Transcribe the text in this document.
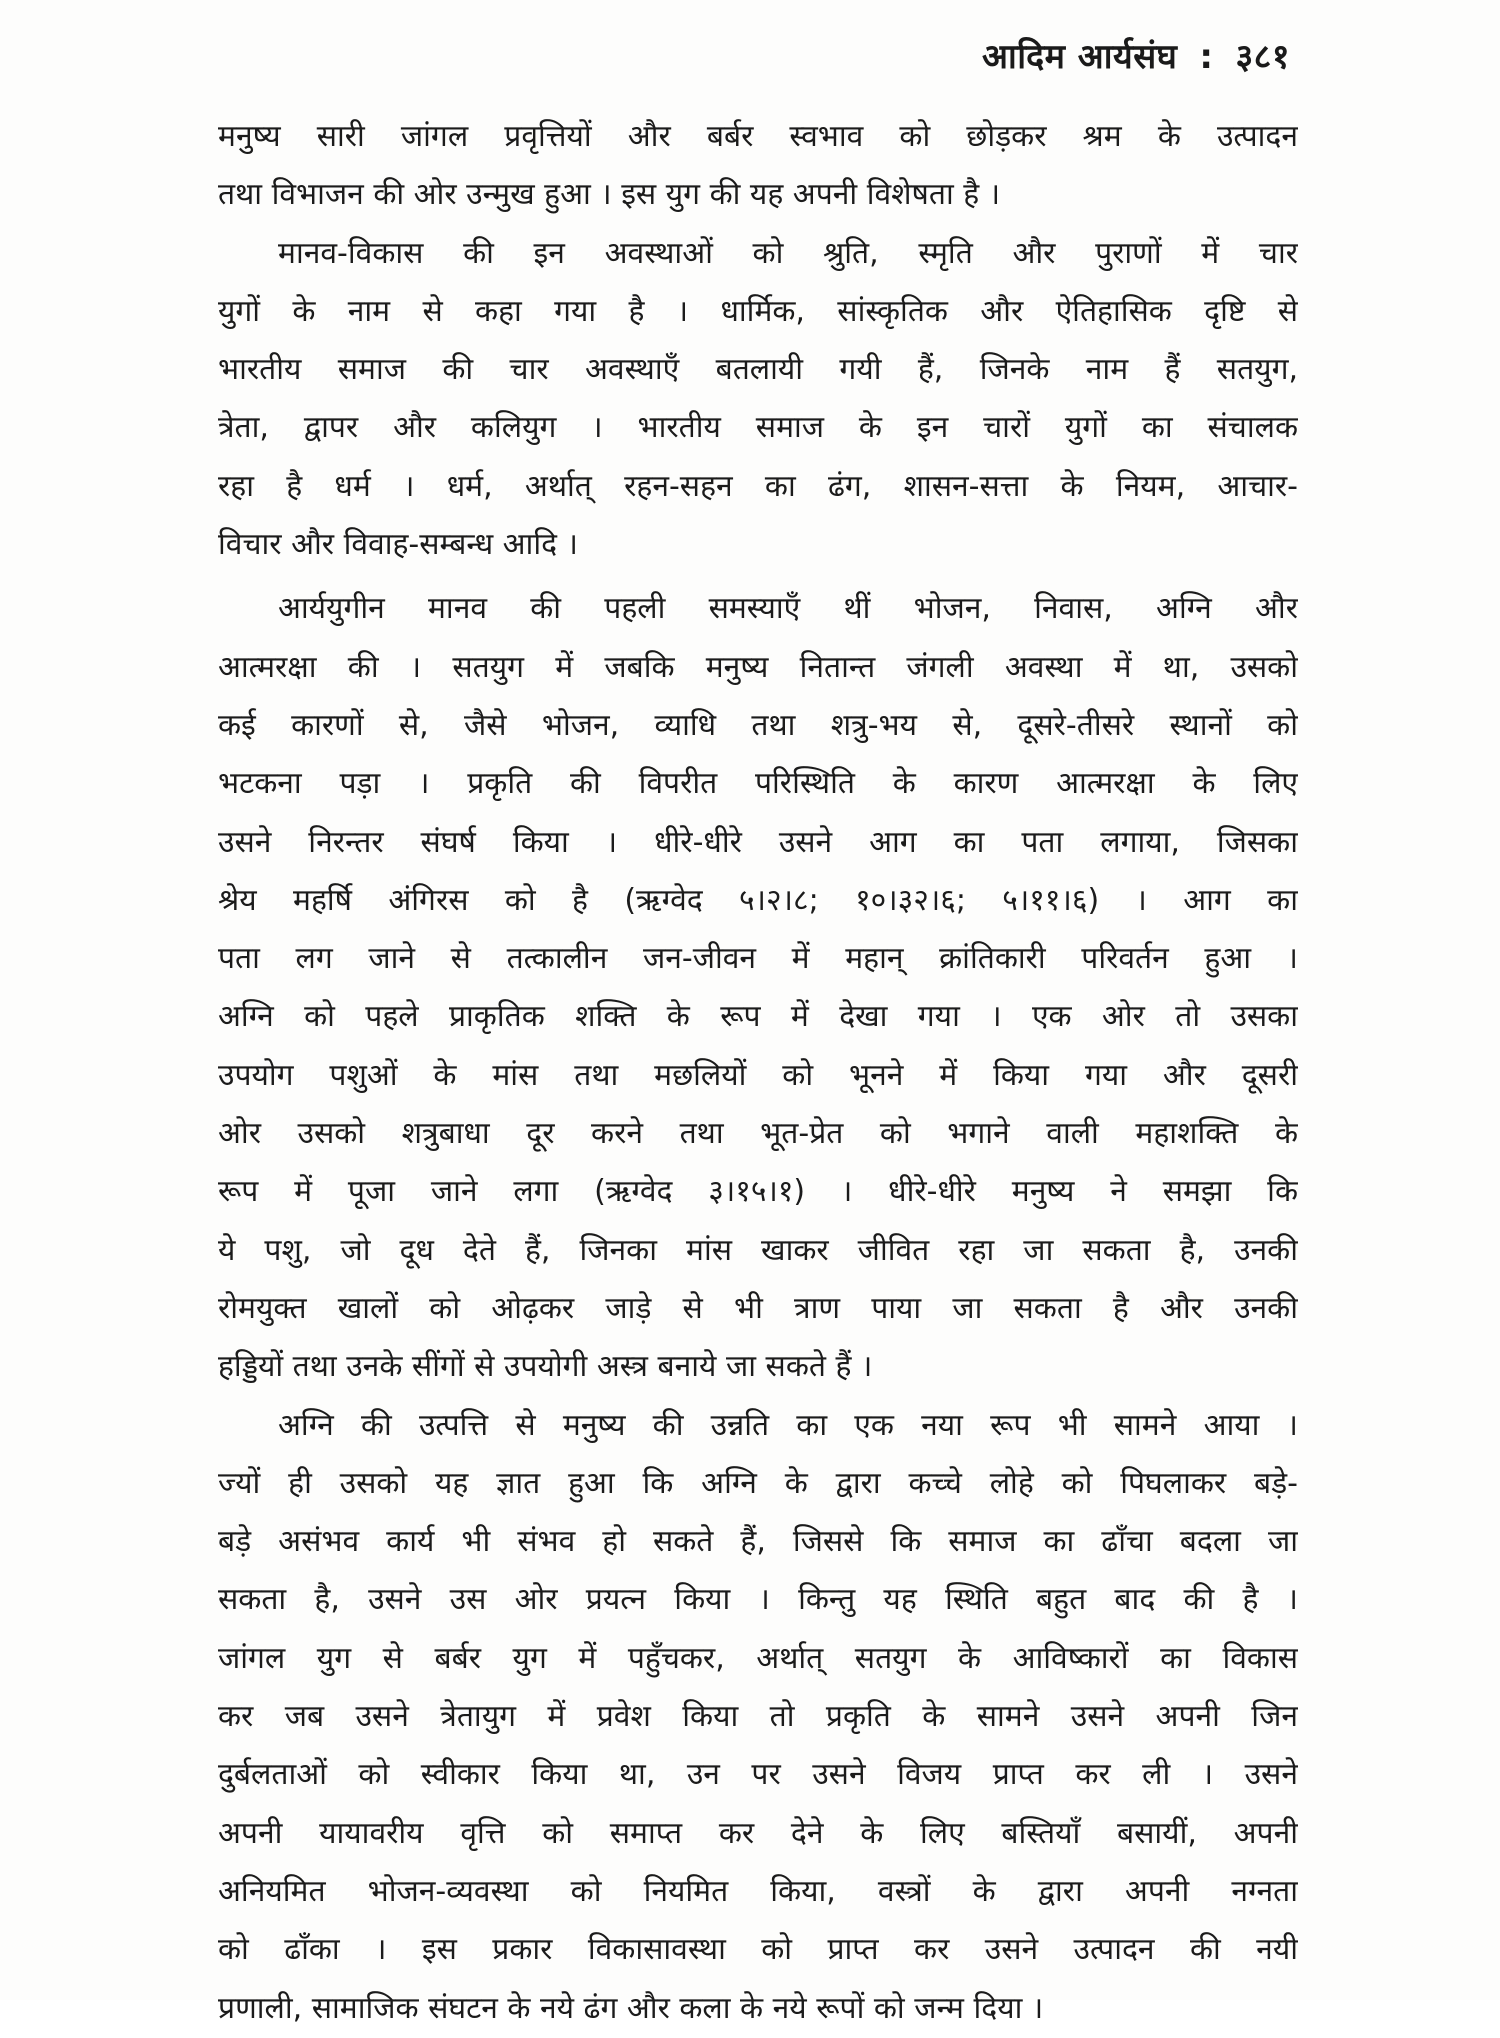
आदिम आर्यसंघ : ३८१
मनुष्य सारी जांगल प्रवृत्तियों और बर्बर स्वभाव को छोड़कर श्रम के उत्पादन
तथा विभाजन की ओर उन्मुख हुआ । इस युग की यह अपनी विशेषता है ।
मानव-विकास की इन अवस्थाओं को श्रुति, स्मृति और पुराणों में चार
युगों के नाम से कहा गया है । धार्मिक, सांस्कृतिक और ऐतिहासिक दृष्टि से
भारतीय समाज की चार अवस्थाएँ बतलायी गयी हैं, जिनके नाम हैं सतयुग,
त्रेता, द्वापर और कलियुग । भारतीय समाज के इन चारों युगों का संचालक
रहा है धर्म । धर्म, अर्थात् रहन-सहन का ढंग, शासन-सत्ता के नियम, आचार-
विचार और विवाह-सम्बन्ध आदि ।
आर्ययुगीन मानव की पहली समस्याएँ थीं भोजन, निवास, अग्नि और
आत्मरक्षा की । सतयुग में जबकि मनुष्य नितान्त जंगली अवस्था में था, उसको
कई कारणों से, जैसे भोजन, व्याधि तथा शत्रु-भय से, दूसरे-तीसरे स्थानों को
भटकना पड़ा । प्रकृति की विपरीत परिस्थिति के कारण आत्मरक्षा के लिए
उसने निरन्तर संघर्ष किया । धीरे-धीरे उसने आग का पता लगाया, जिसका
श्रेय महर्षि अंगिरस को है (ऋग्वेद ५।२।८; १०।३२।६; ५।११।६) । आग का
पता लग जाने से तत्कालीन जन-जीवन में महान् क्रांतिकारी परिवर्तन हुआ ।
अग्नि को पहले प्राकृतिक शक्ति के रूप में देखा गया । एक ओर तो उसका
उपयोग पशुओं के मांस तथा मछलियों को भूनने में किया गया और दूसरी
ओर उसको शत्रुबाधा दूर करने तथा भूत-प्रेत को भगाने वाली महाशक्ति के
रूप में पूजा जाने लगा (ऋग्वेद ३।१५।१) । धीरे-धीरे मनुष्य ने समझा कि
ये पशु, जो दूध देते हैं, जिनका मांस खाकर जीवित रहा जा सकता है, उनकी
रोमयुक्त खालों को ओढ़कर जाड़े से भी त्राण पाया जा सकता है और उनकी
हड्डियों तथा उनके सींगों से उपयोगी अस्त्र बनाये जा सकते हैं ।
अग्नि की उत्पत्ति से मनुष्य की उन्नति का एक नया रूप भी सामने आया ।
ज्यों ही उसको यह ज्ञात हुआ कि अग्नि के द्वारा कच्चे लोहे को पिघलाकर बड़े-
बड़े असंभव कार्य भी संभव हो सकते हैं, जिससे कि समाज का ढाँचा बदला जा
सकता है, उसने उस ओर प्रयत्न किया । किन्तु यह स्थिति बहुत बाद की है ।
जांगल युग से बर्बर युग में पहुँचकर, अर्थात् सतयुग के आविष्कारों का विकास
कर जब उसने त्रेतायुग में प्रवेश किया तो प्रकृति के सामने उसने अपनी जिन
दुर्बलताओं को स्वीकार किया था, उन पर उसने विजय प्राप्त कर ली । उसने
अपनी यायावरीय वृत्ति को समाप्त कर देने के लिए बस्तियाँ बसायीं, अपनी
अनियमित भोजन-व्यवस्था को नियमित किया, वस्त्रों के द्वारा अपनी नग्नता
को ढाँका । इस प्रकार विकासावस्था को प्राप्त कर उसने उत्पादन की नयी
प्रणाली, सामाजिक संघटन के नये ढंग और कला के नये रूपों को जन्म दिया ।
